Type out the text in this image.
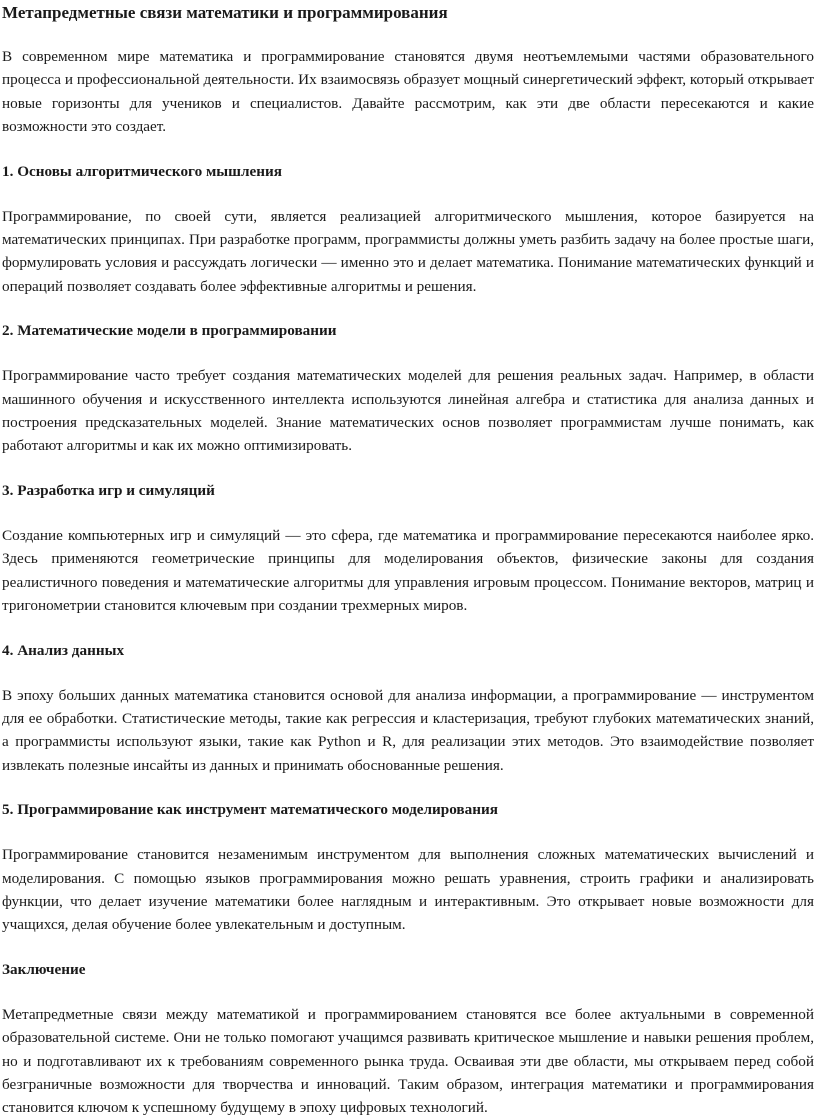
Метапредметные связи математики и программирования

В современном мире математика и программирование становятся двумя неотъемлемыми частями образовательного процесса и профессиональной деятельности. Их взаимосвязь образует мощный синергетический эффект, который открывает новые горизонты для учеников и специалистов. Давайте рассмотрим, как эти две области пересекаются и какие возможности это создает.

1. Основы алгоритмического мышления

Программирование, по своей сути, является реализацией алгоритмического мышления, которое базируется на математических принципах. При разработке программ, программисты должны уметь разбить задачу на более простые шаги, формулировать условия и рассуждать логически — именно это и делает математика. Понимание математических функций и операций позволяет создавать более эффективные алгоритмы и решения.

2. Математические модели в программировании

Программирование часто требует создания математических моделей для решения реальных задач. Например, в области машинного обучения и искусственного интеллекта используются линейная алгебра и статистика для анализа данных и построения предсказательных моделей. Знание математических основ позволяет программистам лучше понимать, как работают алгоритмы и как их можно оптимизировать.

3. Разработка игр и симуляций

Создание компьютерных игр и симуляций — это сфера, где математика и программирование пересекаются наиболее ярко. Здесь применяются геометрические принципы для моделирования объектов, физические законы для создания реалистичного поведения и математические алгоритмы для управления игровым процессом. Понимание векторов, матриц и тригонометрии становится ключевым при создании трехмерных миров.

4. Анализ данных

В эпоху больших данных математика становится основой для анализа информации, а программирование — инструментом для ее обработки. Статистические методы, такие как регрессия и кластеризация, требуют глубоких математических знаний, а программисты используют языки, такие как Python и R, для реализации этих методов. Это взаимодействие позволяет извлекать полезные инсайты из данных и принимать обоснованные решения.

5. Программирование как инструмент математического моделирования

Программирование становится незаменимым инструментом для выполнения сложных математических вычислений и моделирования. С помощью языков программирования можно решать уравнения, строить графики и анализировать функции, что делает изучение математики более наглядным и интерактивным. Это открывает новые возможности для учащихся, делая обучение более увлекательным и доступным.

Заключение

Метапредметные связи между математикой и программированием становятся все более актуальными в современной образовательной системе. Они не только помогают учащимся развивать критическое мышление и навыки решения проблем, но и подготавливают их к требованиям современного рынка труда. Осваивая эти две области, мы открываем перед собой безграничные возможности для творчества и инноваций. Таким образом, интеграция математики и программирования становится ключом к успешному будущему в эпоху цифровых технологий.
